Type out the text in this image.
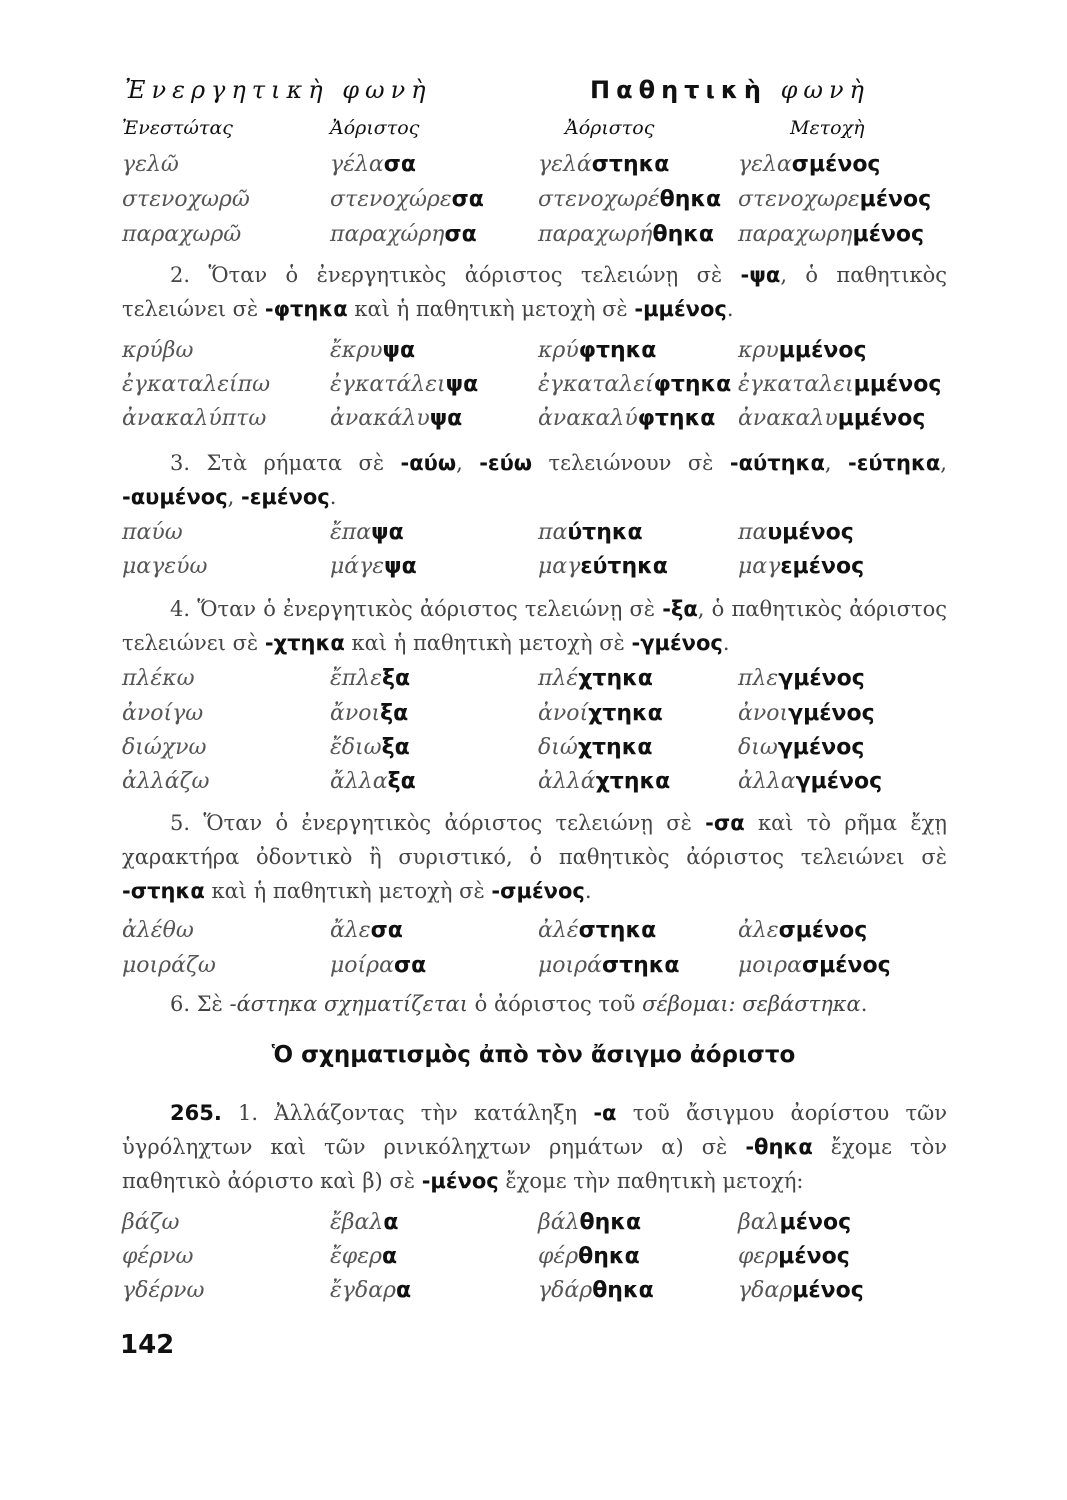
Ἐνεργητικὴ φωνὴ	Παθητικὴ φωνὴ
Ἐνεστώτας	Ἀόριστος	Ἀόριστος	Μετοχὴ
γελῶ	γέλασα	γελάστηκα	γελασμένος
στενοχωρῶ	στενοχώρεσα στενοχωρέθηκα στενοχωρεμένος
παραχωρῶ	παραχώρησα	παραχωρήθηκα παραχωρημένος
2. Ὅταν ὁ ἐνεργητικὸς ἀόριστος τελειώνῃ σὲ -ψα, ὁ παθητικὸς τελειώνει σὲ -φτηκα καὶ ἡ παθητικὴ μετοχὴ σὲ -μμένος.
κρύβω	ἔκρυψα	κρύφτηκα	κρυμμένος
ἐγκαταλείπω	ἐγκατάλειψα	ἐγκαταλείφτηκα ἐγκαταλειμμένος
ἀνακαλύπτω	ἀνακάλυψα	ἀνακαλύφτηκα ἀνακαλυμμένος
3. Στὰ ρήματα σὲ -αύω, -εύω τελειώνουν σὲ -αύτηκα, -εύτηκα, -αυμένος, -εμένος.
παύω	ἔπαψα	παύτηκα	παυμένος
μαγεύω	μάγεψα	μαγεύτηκα	μαγεμένος
4. Ὅταν ὁ ἐνεργητικὸς ἀόριστος τελειώνῃ σὲ -ξα, ὁ παθητικὸς ἀόριστος τελειώνει σὲ -χτηκα καὶ ἡ παθητικὴ μετοχὴ σὲ -γμένος.
πλέκω	ἔπλεξα	πλέχτηκα	πλεγμένος
ἀνοίγω	ἄνοιξα	ἀνοίχτηκα	ἀνοιγμένος
διώχνω	ἔδιωξα	διώχτηκα	διωγμένος
ἀλλάζω	ἄλλαξα	ἀλλάχτηκα	ἀλλαγμένος
5. Ὅταν ὁ ἐνεργητικὸς ἀόριστος τελειώνῃ σὲ -σα καὶ τὸ ρῆμα ἔχῃ χαρακτήρα ὀδοντικὸ ἢ συριστικό, ὁ παθητικὸς ἀόριστος τελειώνει σὲ -στηκα καὶ ἡ παθητικὴ μετοχὴ σὲ -σμένος.
ἀλέθω	ἄλεσα	ἀλέστηκα	ἀλεσμένος
μοιράζω	μοίρασα	μοιράστηκα	μοιρασμένος
6. Σὲ -άστηκα σχηματίζεται ὁ ἀόριστος τοῦ σέβομαι: σεβάστηκα.
Ὁ σχηματισμὸς ἀπὸ τὸν ἄσιγμο ἀόριστο
265. 1. Ἀλλάζοντας τὴν κατάληξη -α τοῦ ἄσιγμου ἀορίστου τῶν ὑγρόληχτων καὶ τῶν ρινικόληχτων ρημάτων α) σὲ -θηκα ἔχομε τὸν παθητικὸ ἀόριστο καὶ β) σὲ -μένος ἔχομε τὴν παθητικὴ μετοχή:
βάζω	ἔβαλα	βάλθηκα	βαλμένος
φέρνω	ἔφερα	φέρθηκα	φερμένος
γδέρνω	ἔγδαρα	γδάρθηκα	γδαρμένος
142
